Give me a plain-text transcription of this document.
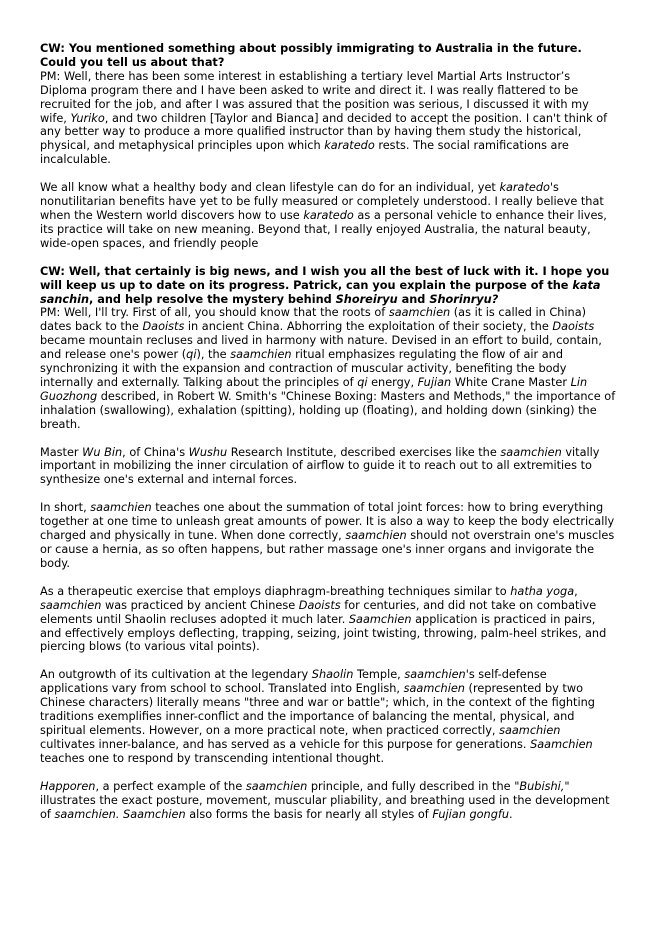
CW: You mentioned something about possibly immigrating to Australia in the future. Could you tell us about that?

PM: Well, there has been some interest in establishing a tertiary level Martial Arts Instructor’s Diploma program there and I have been asked to write and direct it. I was really flattered to be recruited for the job, and after I was assured that the position was serious, I discussed it with my wife, Yuriko, and two children [Taylor and Bianca] and decided to accept the position. I can't think of any better way to produce a more qualified instructor than by having them study the historical, physical, and metaphysical principles upon which karatedo rests. The social ramifications are incalculable.

We all know what a healthy body and clean lifestyle can do for an individual, yet karatedo's nonutilitarian benefits have yet to be fully measured or completely understood. I really believe that when the Western world discovers how to use karatedo as a personal vehicle to enhance their lives, its practice will take on new meaning. Beyond that, I really enjoyed Australia, the natural beauty, wide-open spaces, and friendly people

CW: Well, that certainly is big news, and I wish you all the best of luck with it. I hope you will keep us up to date on its progress. Patrick, can you explain the purpose of the kata sanchin, and help resolve the mystery behind Shoreiryu and Shorinryu?

PM: Well, I'll try. First of all, you should know that the roots of saamchien (as it is called in China) dates back to the Daoists in ancient China. Abhorring the exploitation of their society, the Daoists became mountain recluses and lived in harmony with nature. Devised in an effort to build, contain, and release one's power (qi), the saamchien ritual emphasizes regulating the flow of air and synchronizing it with the expansion and contraction of muscular activity, benefiting the body internally and externally. Talking about the principles of qi energy, Fujian White Crane Master Lin Guozhong described, in Robert W. Smith's "Chinese Boxing: Masters and Methods," the importance of inhalation (swallowing), exhalation (spitting), holding up (floating), and holding down (sinking) the breath.

Master Wu Bin, of China's Wushu Research Institute, described exercises like the saamchien vitally important in mobilizing the inner circulation of airflow to guide it to reach out to all extremities to synthesize one's external and internal forces.

In short, saamchien teaches one about the summation of total joint forces: how to bring everything together at one time to unleash great amounts of power. It is also a way to keep the body electrically charged and physically in tune. When done correctly, saamchien should not overstrain one's muscles or cause a hernia, as so often happens, but rather massage one's inner organs and invigorate the body.

As a therapeutic exercise that employs diaphragm-breathing techniques similar to hatha yoga, saamchien was practiced by ancient Chinese Daoists for centuries, and did not take on combative elements until Shaolin recluses adopted it much later. Saamchien application is practiced in pairs, and effectively employs deflecting, trapping, seizing, joint twisting, throwing, palm-heel strikes, and piercing blows (to various vital points).

An outgrowth of its cultivation at the legendary Shaolin Temple, saamchien's self-defense applications vary from school to school. Translated into English, saamchien (represented by two Chinese characters) literally means "three and war or battle"; which, in the context of the fighting traditions exemplifies inner-conflict and the importance of balancing the mental, physical, and spiritual elements. However, on a more practical note, when practiced correctly, saamchien cultivates inner-balance, and has served as a vehicle for this purpose for generations. Saamchien teaches one to respond by transcending intentional thought.

Happoren, a perfect example of the saamchien principle, and fully described in the "Bubishi," illustrates the exact posture, movement, muscular pliability, and breathing used in the development of saamchien. Saamchien also forms the basis for nearly all styles of Fujian gongfu.
